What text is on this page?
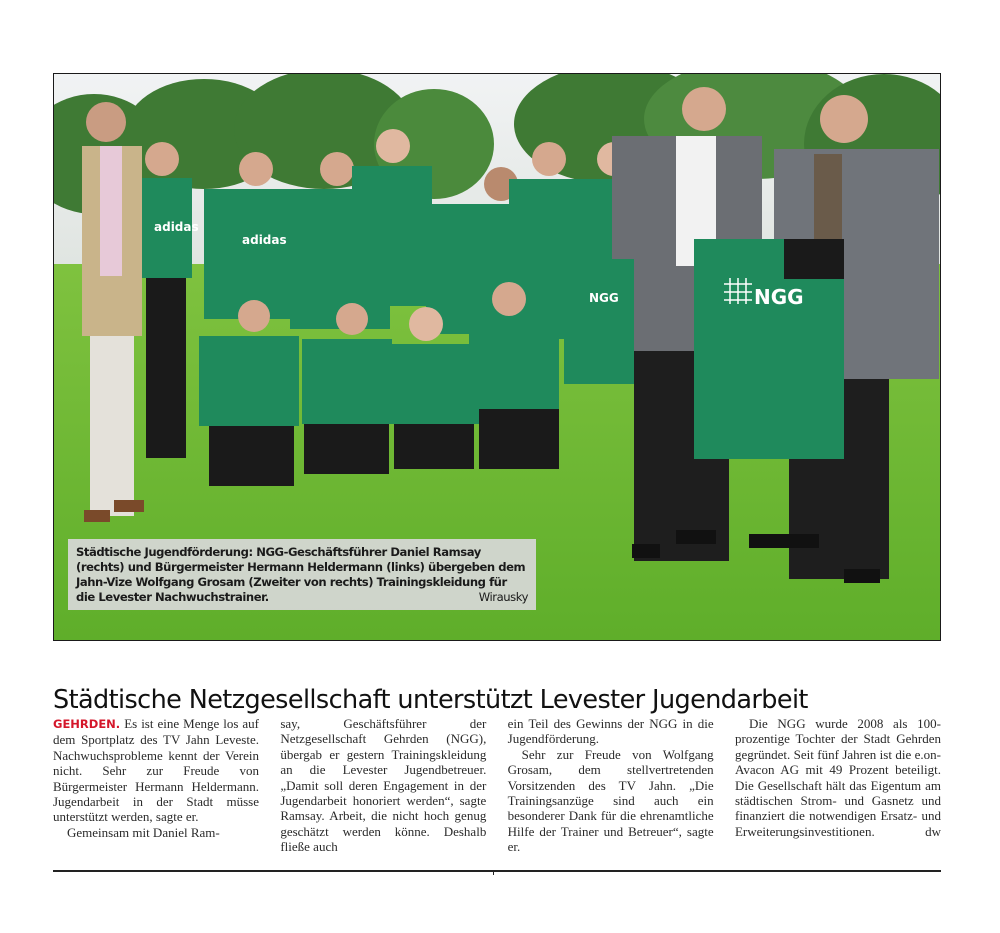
adidas
adidas
NGG
NGG
Städtische Jugendförderung: NGG-Geschäftsführer Daniel Ramsay (rechts) und Bürgermeister Hermann Heldermann (links) übergeben dem Jahn-Vize Wolfgang Grosam (Zweiter von rechts) Trainingskleidung für die Levester Nachwuchstrainer.	Wirausky
Städtische Netzgesellschaft unterstützt Levester Jugendarbeit

GEHRDEN. Es ist eine Menge los auf dem Sportplatz des TV Jahn Leveste. Nachwuchsprobleme kennt der Verein nicht. Sehr zur Freude von Bürgermeister Hermann Heldermann. Jugendarbeit in der Stadt müsse unterstützt werden, sagte er.

Gemeinsam mit Daniel Ram-

say, Geschäftsführer der Netzgesellschaft Gehrden (NGG), übergab er gestern Trainingskleidung an die Levester Jugendbetreuer. „Damit soll deren Engagement in der Jugendarbeit honoriert werden“, sagte Ramsay. Arbeit, die nicht hoch genug geschätzt werden könne. Deshalb fließe auch

ein Teil des Gewinns der NGG in die Jugendförderung.

Sehr zur Freude von Wolfgang Grosam, dem stellvertretenden Vorsitzenden des TV Jahn. „Die Trainingsanzüge sind auch ein besonderer Dank für die ehrenamtliche Hilfe der Trainer und Betreuer“, sagte er.

Die NGG wurde 2008 als 100-prozentige Tochter der Stadt Gehrden gegründet. Seit fünf Jahren ist die e.on-Avacon AG mit 49 Prozent beteiligt. Die Gesellschaft hält das Eigentum am städtischen Strom- und Gasnetz und finanziert die notwendigen Ersatz- und Erweiterungsinvestitionen.	dw
